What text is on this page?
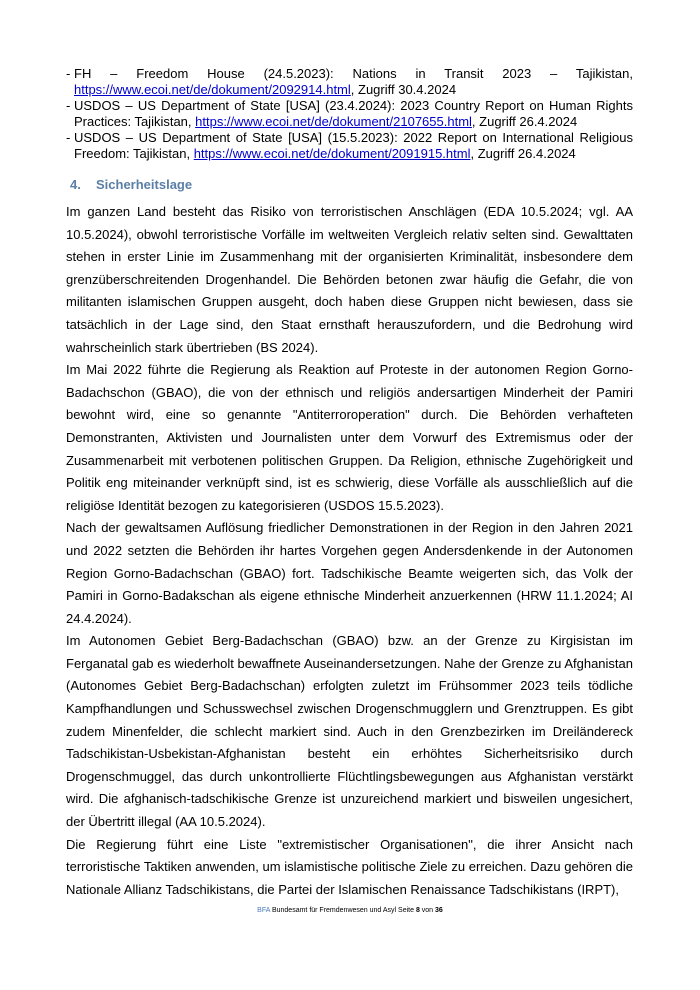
- FH – Freedom House (24.5.2023): Nations in Transit 2023 – Tajikistan, https://www.ecoi.net/de/dokument/2092914.html, Zugriff 30.4.2024
- USDOS – US Department of State [USA] (23.4.2024): 2023 Country Report on Human Rights Practices: Tajikistan, https://www.ecoi.net/de/dokument/2107655.html, Zugriff 26.4.2024
- USDOS – US Department of State [USA] (15.5.2023): 2022 Report on International Religious Freedom: Tajikistan, https://www.ecoi.net/de/dokument/2091915.html, Zugriff 26.4.2024
4. Sicherheitslage

Im ganzen Land besteht das Risiko von terroristischen Anschlägen (EDA 10.5.2024; vgl. AA 10.5.2024), obwohl terroristische Vorfälle im weltweiten Vergleich relativ selten sind. Gewalttaten stehen in erster Linie im Zusammenhang mit der organisierten Kriminalität, insbesondere dem grenzüberschreitenden Drogenhandel. Die Behörden betonen zwar häufig die Gefahr, die von militanten islamischen Gruppen ausgeht, doch haben diese Gruppen nicht bewiesen, dass sie tatsächlich in der Lage sind, den Staat ernsthaft herauszufordern, und die Bedrohung wird wahrscheinlich stark übertrieben (BS 2024).

Im Mai 2022 führte die Regierung als Reaktion auf Proteste in der autonomen Region Gorno-Badachschon (GBAO), die von der ethnisch und religiös andersartigen Minderheit der Pamiri bewohnt wird, eine so genannte "Antiterroroperation" durch. Die Behörden verhafteten Demonstranten, Aktivisten und Journalisten unter dem Vorwurf des Extremismus oder der Zusammenarbeit mit verbotenen politischen Gruppen. Da Religion, ethnische Zugehörigkeit und Politik eng miteinander verknüpft sind, ist es schwierig, diese Vorfälle als ausschließlich auf die religiöse Identität bezogen zu kategorisieren (USDOS 15.5.2023).

Nach der gewaltsamen Auflösung friedlicher Demonstrationen in der Region in den Jahren 2021 und 2022 setzten die Behörden ihr hartes Vorgehen gegen Andersdenkende in der Autonomen Region Gorno-Badachschan (GBAO) fort. Tadschikische Beamte weigerten sich, das Volk der Pamiri in Gorno-Badakschan als eigene ethnische Minderheit anzuerkennen (HRW 11.1.2024; AI 24.4.2024).

Im Autonomen Gebiet Berg-Badachschan (GBAO) bzw. an der Grenze zu Kirgisistan im Ferganatal gab es wiederholt bewaffnete Auseinandersetzungen. Nahe der Grenze zu Afghanistan (Autonomes Gebiet Berg-Badachschan) erfolgten zuletzt im Frühsommer 2023 teils tödliche Kampfhandlungen und Schusswechsel zwischen Drogenschmugglern und Grenztruppen. Es gibt zudem Minenfelder, die schlecht markiert sind. Auch in den Grenzbezirken im Dreiländereck Tadschikistan-Usbekistan-Afghanistan besteht ein erhöhtes Sicherheitsrisiko durch Drogenschmuggel, das durch unkontrollierte Flüchtlingsbewegungen aus Afghanistan verstärkt wird. Die afghanisch-tadschikische Grenze ist unzureichend markiert und bisweilen ungesichert, der Übertritt illegal (AA 10.5.2024).

Die Regierung führt eine Liste "extremistischer Organisationen", die ihrer Ansicht nach terroristische Taktiken anwenden, um islamistische politische Ziele zu erreichen. Dazu gehören die Nationale Allianz Tadschikistans, die Partei der Islamischen Renaissance Tadschikistans (IRPT),

BFA Bundesamt für Fremdenwesen und Asyl Seite 8 von 36
